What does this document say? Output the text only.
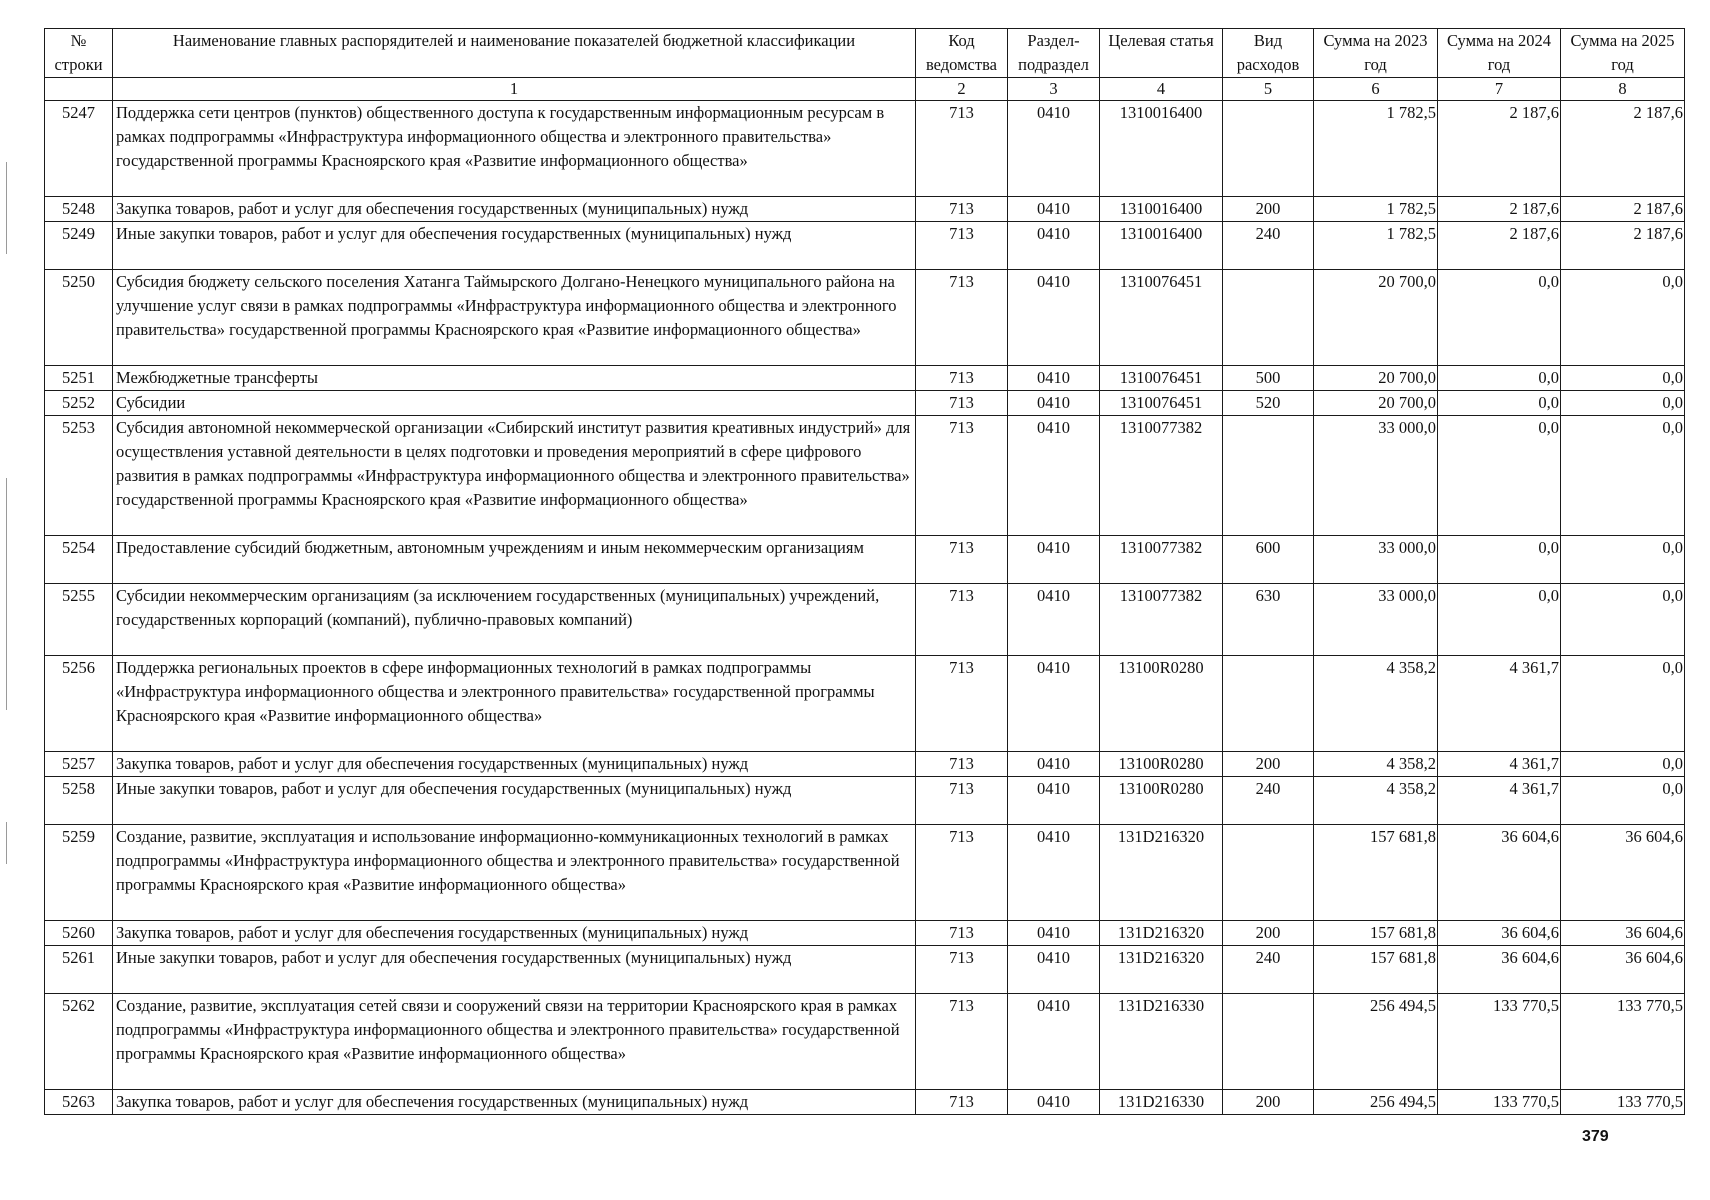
№ строки	Наименование главных распорядителей и наименование показателей бюджетной классификации	Код ведомства	Раздел-подраздел	Целевая статья	Вид расходов	Сумма на 2023 год	Сумма на 2024 год	Сумма на 2025 год
	1	2	3	4	5	6	7	8
5247	Поддержка сети центров (пунктов) общественного доступа к государственным информационным ресурсам в рамках подпрограммы «Инфраструктура информационного общества и электронного правительства» государственной программы Красноярского края «Развитие информационного общества»	713	0410	1310016400		1 782,5	2 187,6	2 187,6
5248	Закупка товаров, работ и услуг для обеспечения государственных (муниципальных) нужд	713	0410	1310016400	200	1 782,5	2 187,6	2 187,6
5249	Иные закупки товаров, работ и услуг для обеспечения государственных (муниципальных) нужд	713	0410	1310016400	240	1 782,5	2 187,6	2 187,6
5250	Субсидия бюджету сельского поселения Хатанга Таймырского Долгано-Ненецкого муниципального района на улучшение услуг связи в рамках подпрограммы «Инфраструктура информационного общества и электронного правительства» государственной программы Красноярского края «Развитие информационного общества»	713	0410	1310076451		20 700,0	0,0	0,0
5251	Межбюджетные трансферты	713	0410	1310076451	500	20 700,0	0,0	0,0
5252	Субсидии	713	0410	1310076451	520	20 700,0	0,0	0,0
5253	Субсидия автономной некоммерческой организации «Сибирский институт развития креативных индустрий» для осуществления уставной деятельности в целях подготовки и проведения мероприятий в сфере цифрового развития в рамках подпрограммы «Инфраструктура информационного общества и электронного правительства» государственной программы Красноярского края «Развитие информационного общества»	713	0410	1310077382		33 000,0	0,0	0,0
5254	Предоставление субсидий бюджетным, автономным учреждениям и иным некоммерческим организациям	713	0410	1310077382	600	33 000,0	0,0	0,0
5255	Субсидии некоммерческим организациям (за исключением государственных (муниципальных) учреждений, государственных корпораций (компаний), публично-правовых компаний)	713	0410	1310077382	630	33 000,0	0,0	0,0
5256	Поддержка региональных проектов в сфере информационных технологий в рамках подпрограммы «Инфраструктура информационного общества и электронного правительства» государственной программы Красноярского края «Развитие информационного общества»	713	0410	13100R0280		4 358,2	4 361,7	0,0
5257	Закупка товаров, работ и услуг для обеспечения государственных (муниципальных) нужд	713	0410	13100R0280	200	4 358,2	4 361,7	0,0
5258	Иные закупки товаров, работ и услуг для обеспечения государственных (муниципальных) нужд	713	0410	13100R0280	240	4 358,2	4 361,7	0,0
5259	Создание, развитие, эксплуатация и использование информационно-коммуникационных технологий в рамках подпрограммы «Инфраструктура информационного общества и электронного правительства» государственной программы Красноярского края «Развитие информационного общества»	713	0410	131D216320		157 681,8	36 604,6	36 604,6
5260	Закупка товаров, работ и услуг для обеспечения государственных (муниципальных) нужд	713	0410	131D216320	200	157 681,8	36 604,6	36 604,6
5261	Иные закупки товаров, работ и услуг для обеспечения государственных (муниципальных) нужд	713	0410	131D216320	240	157 681,8	36 604,6	36 604,6
5262	Создание, развитие, эксплуатация сетей связи и сооружений связи на территории Красноярского края в рамках подпрограммы «Инфраструктура информационного общества и электронного правительства» государственной программы Красноярского края «Развитие информационного общества»	713	0410	131D216330		256 494,5	133 770,5	133 770,5
5263	Закупка товаров, работ и услуг для обеспечения государственных (муниципальных) нужд	713	0410	131D216330	200	256 494,5	133 770,5	133 770,5
379
